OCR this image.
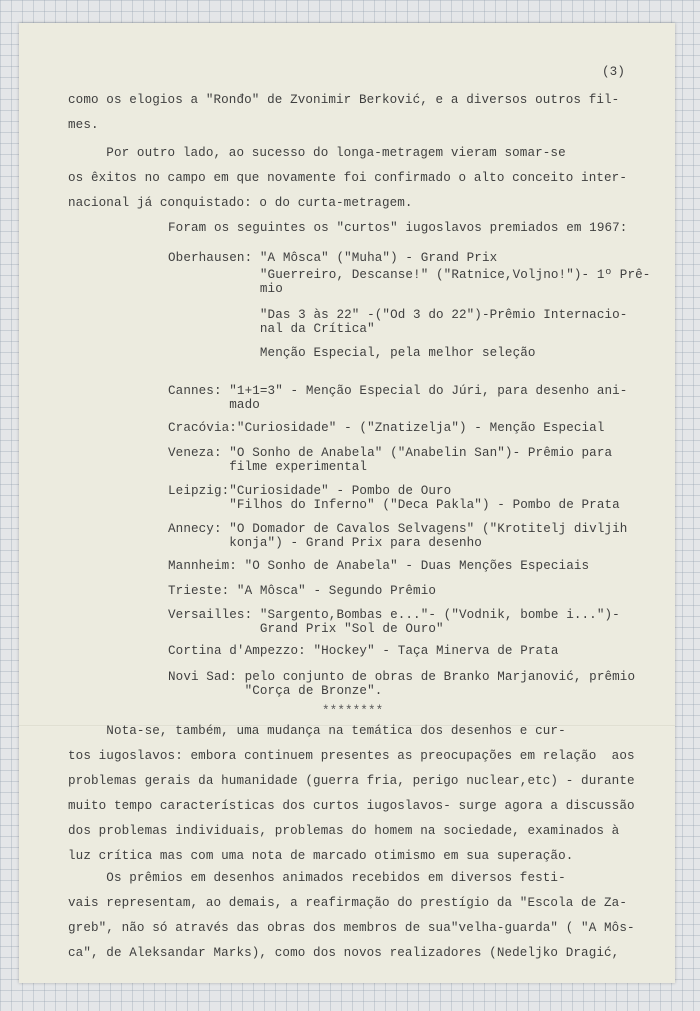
(3)
como os elogios a "Ronđo" de Zvonimir Berković, e a diversos outros fil-
mes.
Por outro lado, ao sucesso do longa-metragem vieram somar-se
os êxitos no campo em que novamente foi confirmado o alto conceito inter-
nacional já conquistado: o do curta-metragem.
Foram os seguintes os "curtos" iugoslavos premiados em 1967:
Oberhausen: "A Môsca" ("Muha") - Grand Prix
"Guerreiro, Descanse!" ("Ratnice,Voljno!")- 1º Prê-
mio
"Das 3 às 22" -("Od 3 do 22")-Prêmio Internacio-
nal da Crítica"
Menção Especial, pela melhor seleção
Cannes: "1+1=3" - Menção Especial do Júri, para desenho ani-
mado
Cracóvia:"Curiosidade" - ("Znatizelja") - Menção Especial
Veneza: "O Sonho de Anabela" ("Anabelin San")- Prêmio para
filme experimental
Leipzig:"Curiosidade" - Pombo de Ouro
"Filhos do Inferno" ("Deca Pakla") - Pombo de Prata
Annecy: "O Domador de Cavalos Selvagens" ("Krotitelj divljih
konja") - Grand Prix para desenho
Mannheim: "O Sonho de Anabela" - Duas Menções Especiais
Trieste: "A Môsca" - Segundo Prêmio
Versailles: "Sargento,Bombas e..."- ("Vodnik, bombe i...")-
Grand Prix "Sol de Ouro"
Cortina d'Ampezzo: "Hockey" - Taça Minerva de Prata
Novi Sad: pelo conjunto de obras de Branko Marjanović, prêmio
"Corça de Bronze".
********
Nota-se, também, uma mudança na temática dos desenhos e cur-
tos iugoslavos: embora continuem presentes as preocupações em relação  aos
problemas gerais da humanidade (guerra fria, perigo nuclear,etc) - durante
muito tempo características dos curtos iugoslavos- surge agora a discussão
dos problemas individuais, problemas do homem na sociedade, examinados à
luz crítica mas com uma nota de marcado otimismo em sua superação.
Os prêmios em desenhos animados recebidos em diversos festi-
vais representam, ao demais, a reafirmação do prestígio da "Escola de Za-
greb", não só através das obras dos membros de sua"velha-guarda" ( "A Môs-
ca", de Aleksandar Marks), como dos novos realizadores (Nedeljko Dragić,
